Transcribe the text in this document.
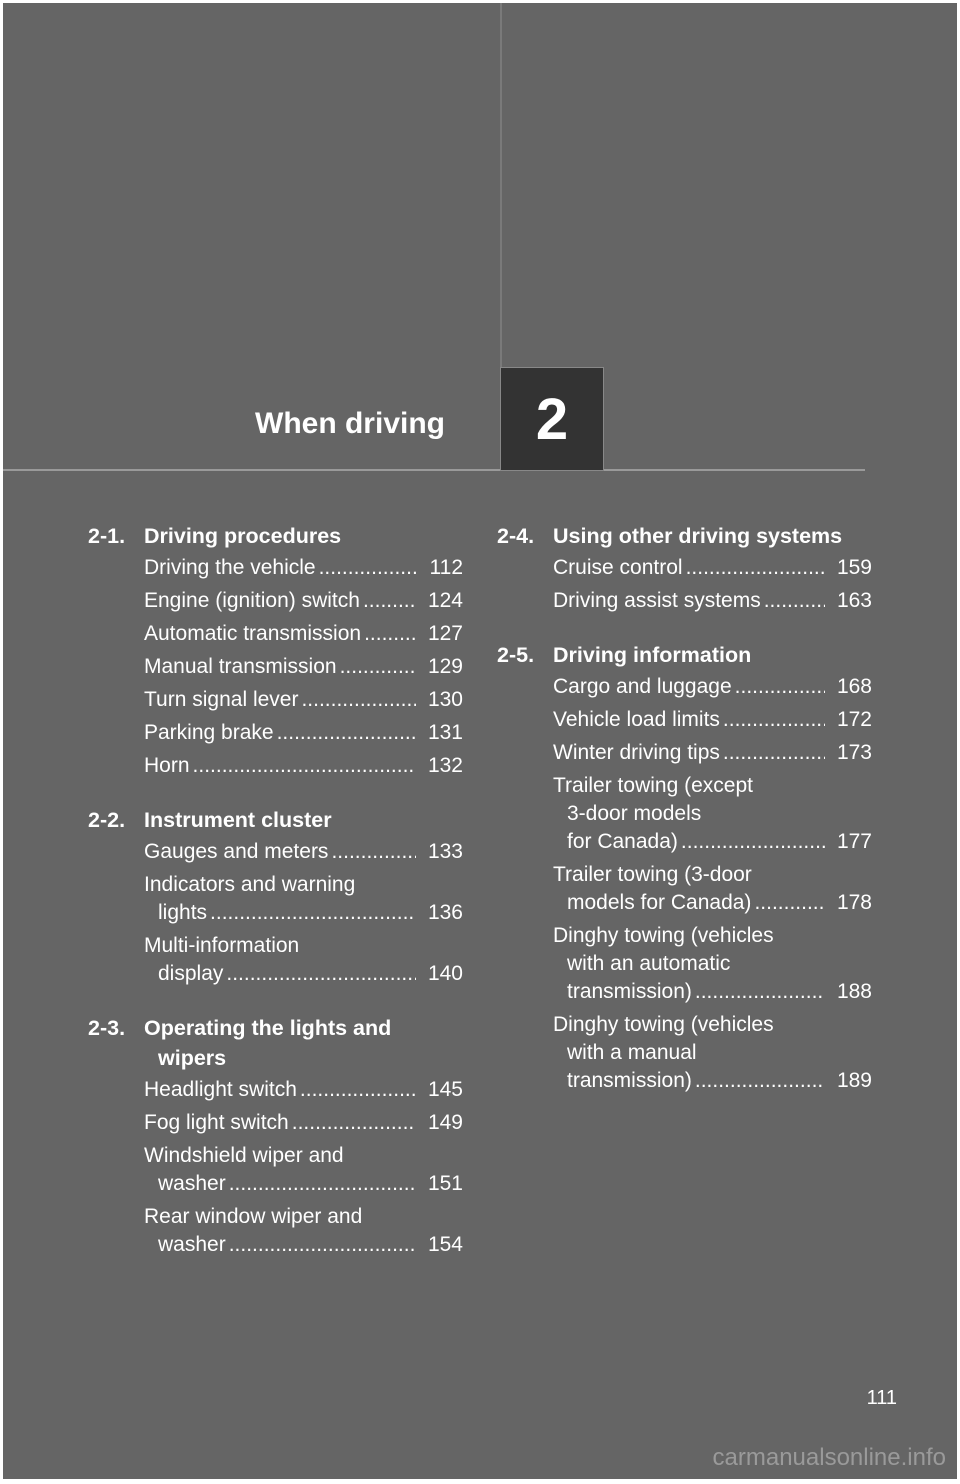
When driving 2
2-1. Driving procedures
Driving the vehicle .....	112
Engine (ignition) switch .....	124
Automatic transmission .....	127
Manual transmission .....	129
Turn signal lever .....	130
Parking brake .....	131
Horn .....	132
2-2. Instrument cluster
Gauges and meters .....	133
Indicators and warning
lights .....	136
Multi-information
display .....	140
2-3. Operating the lights and
wipers
Headlight switch .....	145
Fog light switch .....	149
Windshield wiper and
washer .....	151
Rear window wiper and
washer .....	154
2-4. Using other driving systems
Cruise control .....	159
Driving assist systems .....	163
2-5. Driving information
Cargo and luggage .....	168
Vehicle load limits .....	172
Winter driving tips .....	173
Trailer towing (except
3-door models
for Canada) .....	177
Trailer towing (3-door
models for Canada) .....	178
Dinghy towing (vehicles
with an automatic
transmission) .....	188
Dinghy towing (vehicles
with a manual
transmission) .....	189
111
carmanualsonline.info
